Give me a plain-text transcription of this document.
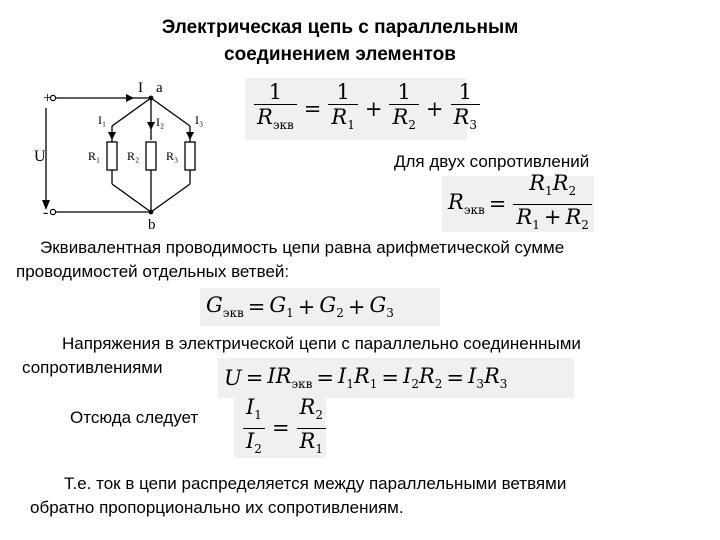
Электрическая цепь с параллельным
соединением элементов
+
-
U
I a
b
I₁	I₂	I₃
R₁ R₂ R₃
$\frac{1}{R_{экв}} = \frac{1}{R_1} + \frac{1}{R_2} + \frac{1}{R_3}$
Для двух сопротивлений
$R_{экв} = \frac{R_1R_2}{R_1 + R_2}$
Эквивалентная проводимость цепи равна арифметической сумме
проводимостей отдельных ветвей:
$G_{экв} = G_1 + G_2 + G_3$
Напряжения в электрической цепи с параллельно соединенными
сопротивлениями	$U = IR_{экв} = I_1R_1 = I_2R_2 = I_3R_3$
Отсюда следует $\frac{I_1}{I_2} = \frac{R_2}{R_1}$
Т.е. ток в цепи распределяется между параллельными ветвями
обратно пропорционально их сопротивлениям.
